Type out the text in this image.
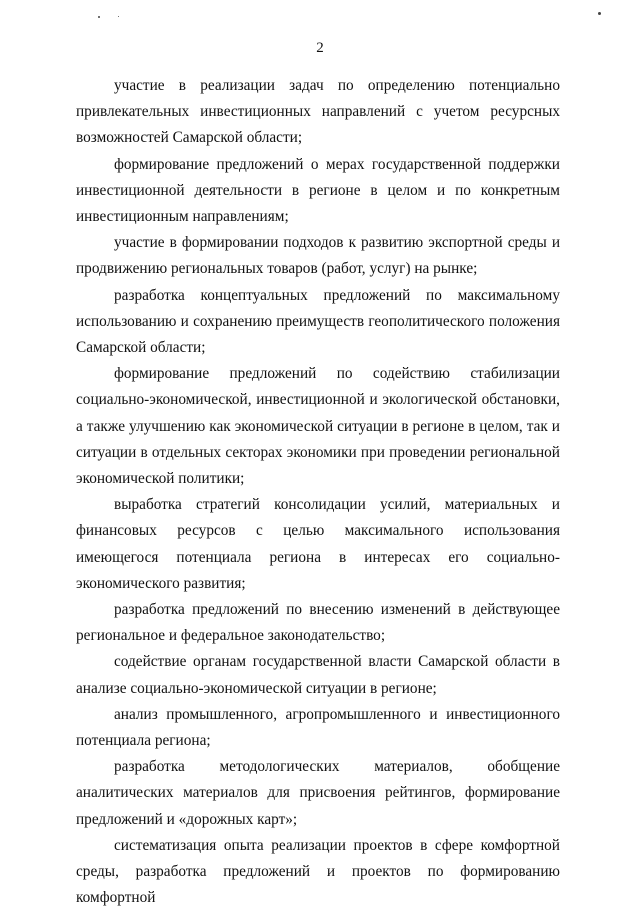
2

участие в реализации задач по определению потенциально привлекательных инвестиционных направлений с учетом ресурсных возможностей Самарской области;

формирование предложений о мерах государственной поддержки инвестиционной деятельности в регионе в целом и по конкретным инвестиционным направлениям;

участие в формировании подходов к развитию экспортной среды и продвижению региональных товаров (работ, услуг) на рынке;

разработка концептуальных предложений по максимальному использованию и сохранению преимуществ геополитического положения Самарской области;

формирование предложений по содействию стабилизации социально-экономической, инвестиционной и экологической обстановки, а также улучшению как экономической ситуации в регионе в целом, так и ситуации в отдельных секторах экономики при проведении региональной экономической политики;

выработка стратегий консолидации усилий, материальных и финансовых ресурсов с целью максимального использования имеющегося потенциала региона в интересах его социально-экономического развития;

разработка предложений по внесению изменений в действующее региональное и федеральное законодательство;

содействие органам государственной власти Самарской области в анализе социально-экономической ситуации в регионе;

анализ промышленного, агропромышленного и инвестиционного потенциала региона;

разработка методологических материалов, обобщение аналитических материалов для присвоения рейтингов, формирование предложений и «дорожных карт»;

систематизация опыта реализации проектов в сфере комфортной среды, разработка предложений и проектов по формированию комфортной
